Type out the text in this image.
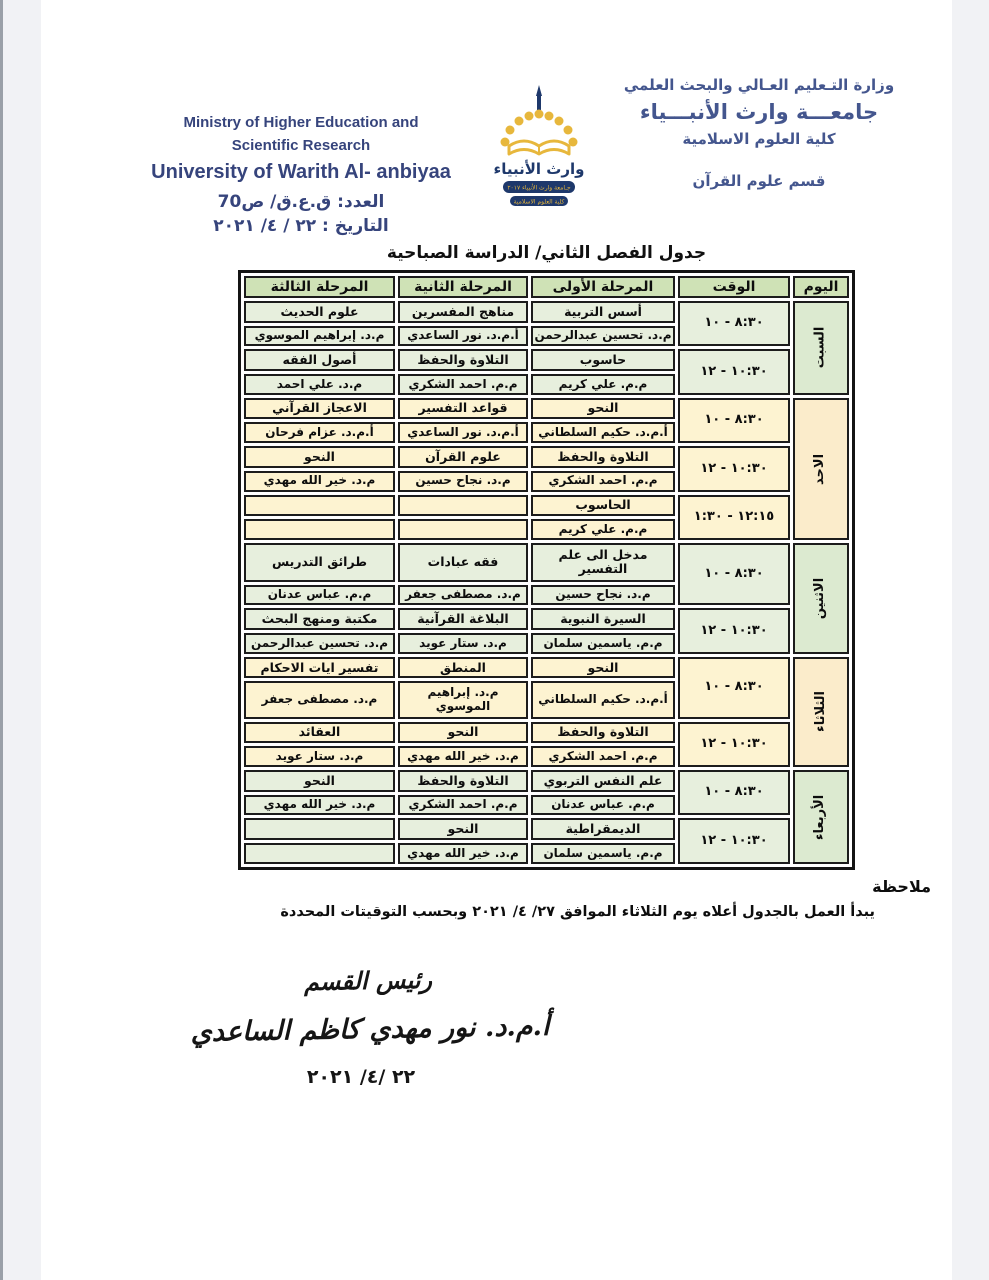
وزارة التـعليم العـالي والبحث العلمي
جامعـــة وارث الأنبـــياء
كلية العلوم الاسلامية
قسم علوم القرآن
وارث الأنبياء
جـامعة وارث الأنبياء ٢٠١٧
كلية العلوم الاسلامية
Ministry of Higher Education and
Scientific Research
University of Warith Al- anbiyaa
العدد: ق.ع.ق/ ص70
التاريخ : ٢٢ / ٤/ ٢٠٢١
جدول الفصل الثاني/ الدراسة الصباحية
اليوم	الوقت	المرحلة الأولى	المرحلة الثانية	المرحلة الثالثة
السبت	٨:٣٠ - ١٠	أسس التربية	مناهج المفسرين	علوم الحديث
		م.د. تحسين عبدالرحمن	أ.م.د. نور الساعدي	م.د. إبراهيم الموسوي
	١٠:٣٠ - ١٢	حاسوب	التلاوة والحفظ	أصول الفقه
		م.م. علي كريم	م.م. احمد الشكري	م.د. علي احمد
الاحد	٨:٣٠ - ١٠	النحو	قواعد التفسير	الاعجاز القرآني
		أ.م.د. حكيم السلطاني	أ.م.د. نور الساعدي	أ.م.د. عزام فرحان
	١٠:٣٠ - ١٢	التلاوة والحفظ	علوم القرآن	النحو
		م.م. احمد الشكري	م.د. نجاح حسين	م.د. خير الله مهدي
	١٢:١٥ - ١:٣٠	الحاسوب		
		م.م. علي كريم		
الاثنين	٨:٣٠ - ١٠	مدخل الى علم التفسير	فقه عبادات	طرائق التدريس
		م.د. نجاح حسين	م.د. مصطفى جعفر	م.م. عباس عدنان
	١٠:٣٠ - ١٢	السيرة النبوية	البلاغة القرآنية	مكتبة ومنهج البحث
		م.م. ياسمين سلمان	م.د. ستار عويد	م.د. تحسين عبدالرحمن
الثلاثاء	٨:٣٠ - ١٠	النحو	المنطق	تفسير ايات الاحكام
		أ.م.د. حكيم السلطاني	م.د. إبراهيم الموسوي	م.د. مصطفى جعفر
	١٠:٣٠ - ١٢	التلاوة والحفظ	النحو	العقائد
		م.م. احمد الشكري	م.د. خير الله مهدي	م.د. ستار عويد
الأربعاء	٨:٣٠ - ١٠	علم النفس التربوي	التلاوة والحفظ	النحو
		م.م. عباس عدنان	م.م. احمد الشكري	م.د. خير الله مهدي
	١٠:٣٠ - ١٢	الديمقراطية	النحو	
		م.م. ياسمين سلمان	م.د. خير الله مهدي	
ملاحظة
يبدأ العمل بالجدول أعلاه يوم الثلاثاء الموافق ٢٧/ ٤/ ٢٠٢١ وبحسب التوقيتات المحددة
رئيس القسم
أ.م.د. نور مهدي كاظم الساعدي
٢٢ /٤/ ٢٠٢١
